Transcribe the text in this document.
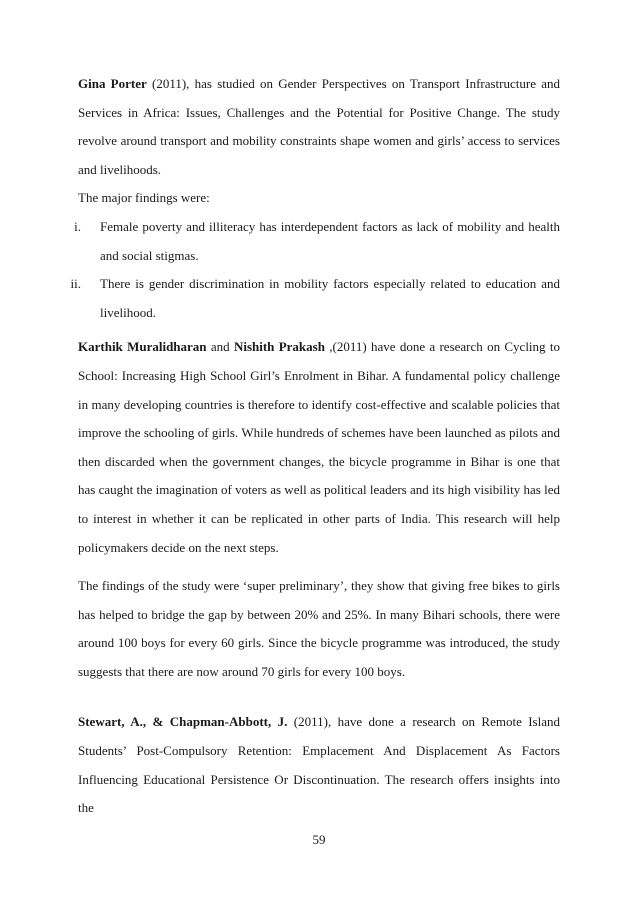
Gina Porter (2011), has studied on Gender Perspectives on Transport Infrastructure and Services in Africa: Issues, Challenges and the Potential for Positive Change. The study revolve around transport and mobility constraints shape women and girls’ access to services and livelihoods.

The major findings were:

i. Female poverty and illiteracy has interdependent factors as lack of mobility and health and social stigmas.
ii. There is gender discrimination in mobility factors especially related to education and livelihood.

Karthik Muralidharan and Nishith Prakash ,(2011) have done a research on Cycling to School: Increasing High School Girl’s Enrolment in Bihar. A fundamental policy challenge in many developing countries is therefore to identify cost-effective and scalable policies that improve the schooling of girls. While hundreds of schemes have been launched as pilots and then discarded when the government changes, the bicycle programme in Bihar is one that has caught the imagination of voters as well as political leaders and its high visibility has led to interest in whether it can be replicated in other parts of India. This research will help policymakers decide on the next steps.

The findings of the study were ‘super preliminary’, they show that giving free bikes to girls has helped to bridge the gap by between 20% and 25%. In many Bihari schools, there were around 100 boys for every 60 girls. Since the bicycle programme was introduced, the study suggests that there are now around 70 girls for every 100 boys.

Stewart, A., & Chapman-Abbott, J. (2011), have done a research on Remote Island Students’ Post-Compulsory Retention: Emplacement And Displacement As Factors Influencing Educational Persistence Or Discontinuation. The research offers insights into the

59
